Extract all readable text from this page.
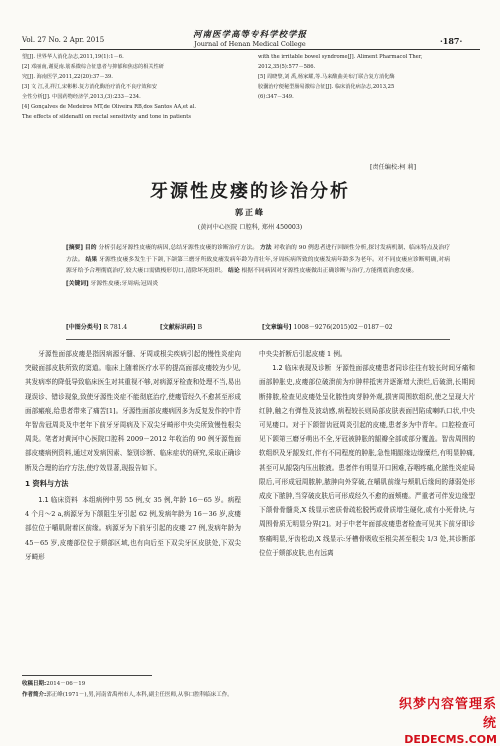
Vol. 27 No. 2 Apr. 2015	河南医学高等专科学校学报
Journal of Henan Medical College	·187·
望[J]. 世界华人消化杂志,2011,19(1):1－6.
[2] 邓丽南,谢夏南.筋系微综合征患者与抑郁和焦虑的相关性研
究[J]. 海南医学,2011,22(20):37－39.
[3] 文 江,孔祥江,宋彬彬.复方消化酶治疗消化不良疗效和安
全性分析[J]. 中国药物经济学,2013,(3):233－234.
[4] Gonçalves de Medeiros MT,de Oliveira RB,dos Santos AA,et al.
The effects of sildenafil on rectal sensitivity and tone in patients
with the irritable bowel syndrome[J]. Aliment Pharmacol Ther,
2012,35(5):577－586.
[5] 周晓黎,刘 禹,杨家耀,等.马来酸曲美布汀联合复方消化酶
胶囊治疗便秘型肠易激综合征[J]. 临床消化病杂志,2013,25
(6):347－349.
[责任编校:柯 莉]
牙源性皮瘘的诊治分析
郭正峰
(黄河中心医院 口腔科, 郑州 450003)
[摘要] 目的 分析引起牙源性皮瘘的病因,总结牙源性皮瘘的诊断治疗方法。 方法 对收治的 90 例患者进行回顾性分析,探讨发病机制、临床特点及治疗方法。 结果 牙源性皮瘘多发生于下颌,下颌第三磨牙所致皮瘘发病年龄为青壮年,牙周疾病所致的皮瘘发病年龄多为老年。对不同皮瘘应诊断明确,对病源牙给予合理彻底治疗,较大瘘口需做梭形切口,清除坏死组织。 结论 根据不同病因对牙源性皮瘘做出正确诊断与治疗,方能彻底治愈皮瘘。
[关键词] 牙源性皮瘘;牙周病;冠周炎
[中图分类号] R 781.4	[文献标识码] B	[文章编号] 1008－9276(2015)02－0187－02

牙源性面部皮瘘是指因病源牙髓、牙周或根尖疾病引起的慢性炎症向突破面部皮肤所致的窦道。临床上随着医疗水平的提高面部皮瘘较为少见,其发病率的降低导致临床医生对其重视不够,对病源牙检查和处理不当,易出现误诊、错诊现象,致使牙源性炎症不能彻底治疗,使瘘管经久不愈甚至形成面部瘢痕,给患者带来了痛苦[1]。牙源性面部皮瘘病因多为反复发作的中青年智齿冠周炎及中老年下前牙牙周病及下双尖牙畸形中央尖所致慢性根尖周炎。笔者对黄河中心医院口腔科 2009－2012 年收治的 90 例牙源性面部皮瘘病例资料,通过对发病因素、鉴别诊断、临床症状的研究,采取正确诊断及合理的治疗方法,使疗效显著,现报告如下。

1 资料与方法

1.1 临床资料 本组病例中男 55 例,女 35 例,年龄 16－65 岁。病程 4 个月～2 a,病源牙为下颌阻生牙引起 62 例,发病年龄为 16－36 岁,皮瘘部位位于嚼肌附着区前缘。病源牙为下前牙引起的皮瘘 27 例,发病年龄为 45－65 岁,皮瘘部位位于颏部区域,也有向后至下双尖牙区皮肤处,下双尖牙畸形

中央尖折断后引起皮瘘 1 例。

1.2 临床表现及诊断 牙源性面部皮瘘患者同诊往往有较长时间牙痛和面部肿胀史,皮瘘部位破溃前为疖肿样抵害并逐渐增大溃烂,后破溃,长期间断排脓,检查见皮瘘处呈化脓性肉芽肿外观,损害周围软组织,使之呈现大片红肿,触之有弹性及波动感,病程较长则局部皮肤表面凹陷成喇叭口状,中央可见瘘口。对于下颌智齿冠周炎引起的皮瘘,患者多为中青年。口腔检查可见下颌第三磨牙萌出不全,牙冠被肿胀的龈瓣全部或部分覆盖。智齿周围的软组织及牙龈发红,伴有不同程度的肿胀,急性期龈缘边缘糜烂,有明显肿痛,甚至可从龈袋内压出脓液。患者伴有明显开口困难,吞咽疼痛,化脓性炎症局限后,可形成冠周脓肿,脓肿向外穿破,在嚼肌前缘与颊肌后缘间的薄弱处形成皮下脓肿,当穿破皮肤后可形成经久不愈的面颊瘘。严重者可伴发边缘型下颌骨骨髓炎,X 线显示密质骨疏松脱钙或骨质增生硬化,或有小死骨块,与周围骨质无明显分界[2]。对于中老年面部皮瘘患者检查可见其下前牙即诊察痛明显,牙齿松动,X 线显示:牙槽骨吸收至根尖甚至根尖 1/3 处,其诊断部位位于颏部皮肤,也有远离

收稿日期:2014－06－19
作者简介:郭正峰(1971－),男,河南省禹州市人,本科,副主任医师,从事口腔科临床工作。
织梦内容管理系统
DEDECMS.COM
